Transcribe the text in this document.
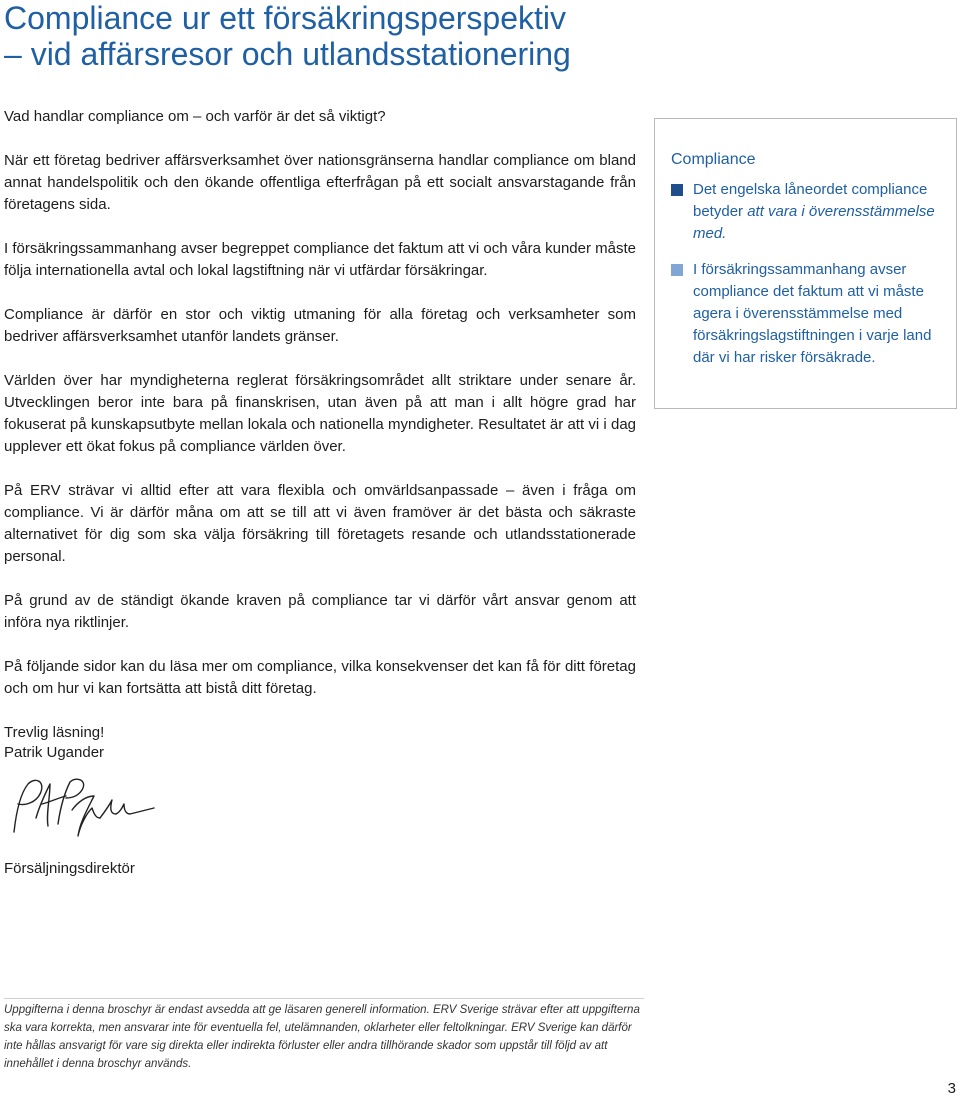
Compliance ur ett försäkringsperspektiv
– vid affärsresor och utlandsstationering

Vad handlar compliance om – och varför är det så viktigt?

När ett företag bedriver affärsverksamhet över nationsgränserna handlar compliance om bland annat handelspolitik och den ökande offentliga efterfrågan på ett socialt ansvarstagande från företagens sida.

I försäkringssammanhang avser begreppet compliance det faktum att vi och våra kunder måste följa internationella avtal och lokal lagstiftning när vi utfärdar försäkringar.

Compliance är därför en stor och viktig utmaning för alla företag och verksamheter som bedriver affärsverksamhet utanför landets gränser.

Världen över har myndigheterna reglerat försäkringsområdet allt striktare under senare år. Utvecklingen beror inte bara på finanskrisen, utan även på att man i allt högre grad har fokuserat på kunskapsutbyte mellan lokala och nationella myndigheter. Resultatet är att vi i dag upplever ett ökat fokus på compliance världen över.

På ERV strävar vi alltid efter att vara flexibla och omvärldsanpassade – även i fråga om compliance. Vi är därför måna om att se till att vi även framöver är det bästa och säkraste alternativet för dig som ska välja försäkring till företagets resande och utlandsstationerade personal.

På grund av de ständigt ökande kraven på compliance tar vi därför vårt ansvar genom att införa nya riktlinjer.

På följande sidor kan du läsa mer om compliance, vilka konsekvenser det kan få för ditt företag och om hur vi kan fortsätta att bistå ditt företag.

Trevlig läsning!

Compliance

Det engelska låneordet compliance betyder att vara i överensstämmelse med.
I försäkringssammanhang avser compliance det faktum att vi måste agera i överensstämmelse med försäkringslagstiftningen i varje land där vi har risker försäkrade.

Patrik Ugander

Försäljningsdirektör

Uppgifterna i denna broschyr är endast avsedda att ge läsaren generell information. ERV Sverige strävar efter att uppgifterna ska vara korrekta, men ansvarar inte för eventuella fel, utelämnanden, oklarheter eller feltolkningar. ERV Sverige kan därför inte hållas ansvarigt för vare sig direkta eller indirekta förluster eller andra tillhörande skador som uppstår till följd av att innehållet i denna broschyr används.

3
